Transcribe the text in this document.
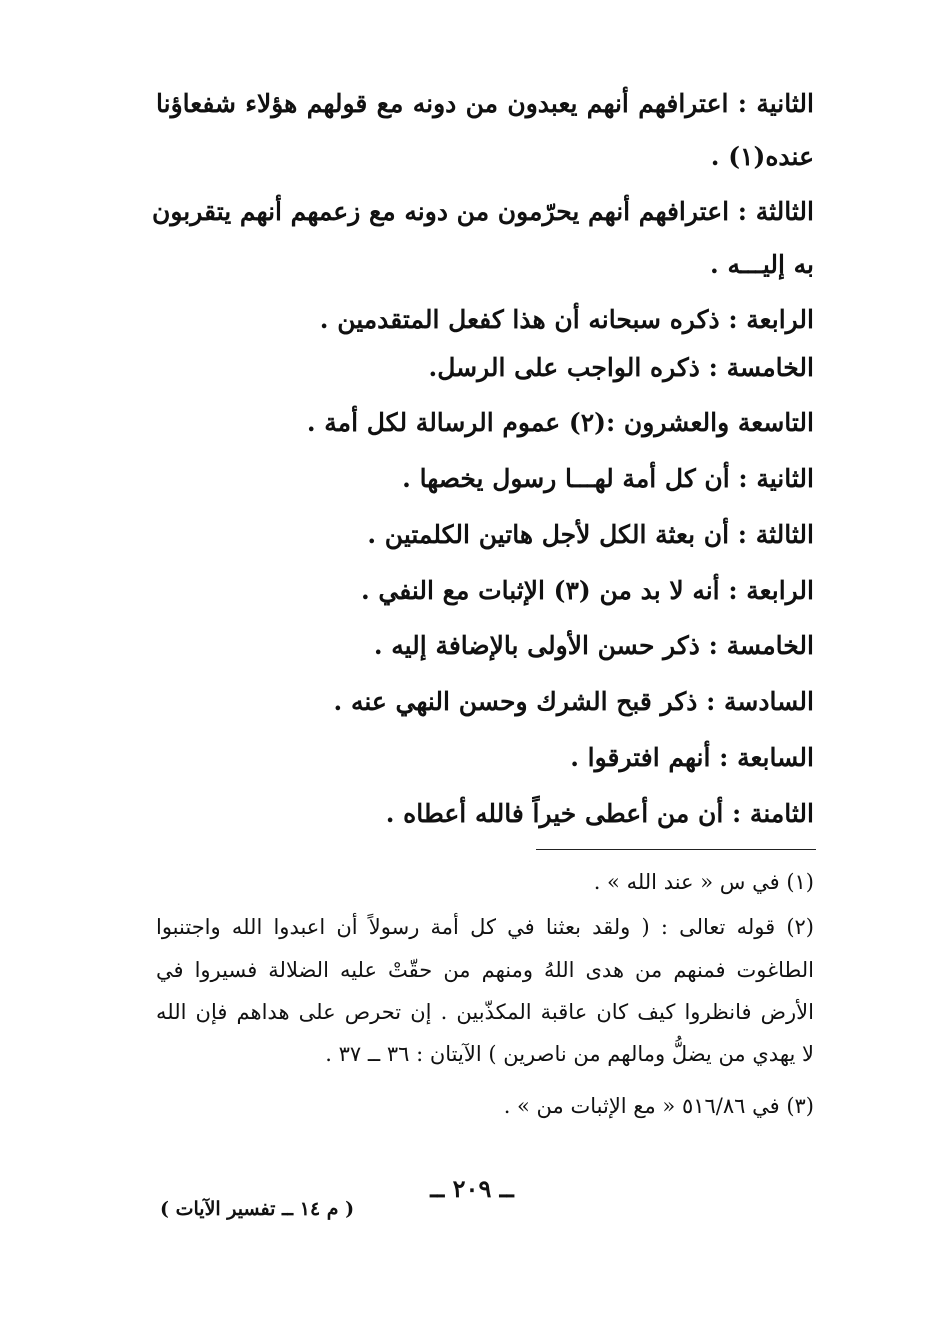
الثانية : اعترافهم أنهم يعبدون من دونه مع قولهم هؤلاء شفعاؤنا
عنده(١) .
الثالثة : اعترافهم أنهم يحرّمون من دونه مع زعمهم أنهم يتقربون
به إليـــه .
الرابعة : ذكره سبحانه أن هذا كفعل المتقدمين .
الخامسة : ذكره الواجب على الرسل.
التاسعة والعشرون :(٢) عموم الرسالة لكل أمة .
الثانية : أن كل أمة لهـــا رسول يخصها .
الثالثة : أن بعثة الكل لأجل هاتين الكلمتين .
الرابعة : أنه لا بد من (٣) الإثبات مع النفي .
الخامسة : ذكر حسن الأولى بالإضافة إليه .
السادسة : ذكر قبح الشرك وحسن النهي عنه .
السابعة : أنهم افترقوا .
الثامنة : أن من أعطى خيراً فالله أعطاه .
(١) في س « عند الله » .
(٢) قوله تعالى : ( ولقد بعثنا في كل أمة رسولاً أن اعبدوا الله واجتنبوا
الطاغوت فمنهم من هدى اللهُ ومنهم من حقّتْ عليه الضلالة فسيروا في
الأرض فانظروا كيف كان عاقبة المكذّبين . إن تحرص على هداهم فإن الله
لا يهدي من يضلُّ ومالهم من ناصرين ) الآيتان : ٣٦ ــ ٣٧ .
(٣) في ٥١٦/٨٦ « مع الإثبات من » .
ــ ٢٠٩ ــ
( م ١٤ ــ تفسير الآيات )
